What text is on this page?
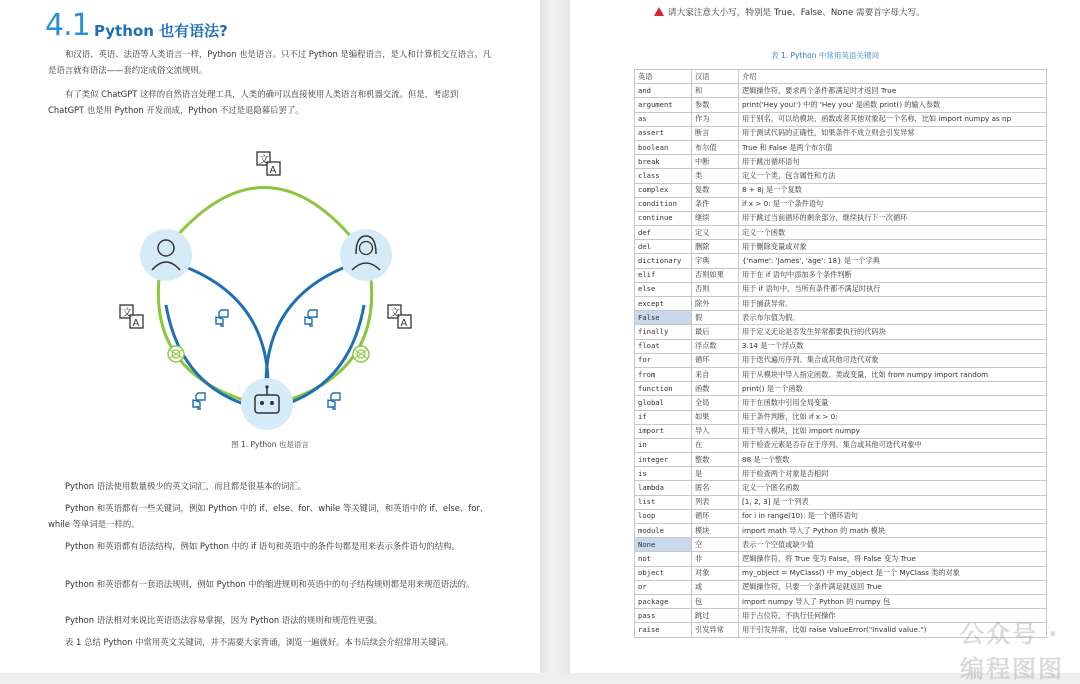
4.1 Python 也有语法?
和汉语、英语、法语等人类语言一样，Python 也是语言。只不过 Python 是编程语言，是人和计算机交互语言。凡是语言就有语法——套约定成俗交流规则。
有了类似 ChatGPT 这样的自然语言处理工具，人类的确可以直接使用人类语言和机器交流。但是，考虑到 ChatGPT 也是用 Python 开发而成，Python 不过是退隐幕后罢了。
文
A
文
A
文
A
图 1. Python 也是语言
Python 语法使用数量极少的英文词汇，而且都是很基本的词汇。
Python 和英语都有一些关键词，例如 Python 中的 if、else、for、while 等关键词，和英语中的 if、else、for、while 等单词是一样的。
Python 和英语都有语法结构，例如 Python 中的 if 语句和英语中的条件句都是用来表示条件语句的结构。
Python 和英语都有一套语法规则，例如 Python 中的缩进规则和英语中的句子结构规则都是用来规范语法的。
Python 语法相对来说比英语语法容易掌握，因为 Python 语法的规则和规范性更强。
表 1 总结 Python 中常用英文关键词，并不需要大家背诵，浏览一遍就好。本书后续会介绍常用关键词。
请大家注意大小写，特别是 True、False、None 需要首字母大写。
表 1. Python 中常用英语关键词
英语	汉语	介绍
and	和	逻辑操作符，要求两个条件都满足时才返回 True
argument	参数	print('Hey you!') 中的 'Hey you' 是函数 print() 的输入参数
as	作为	用于别名，可以给模块、函数或者其他对象起一个名称，比如 import numpy as np
assert	断言	用于测试代码的正确性，如果条件不成立则会引发异常
boolean	布尔值	True 和 False 是两个布尔值
break	中断	用于跳出循环语句
class	类	定义一个类，包含属性和方法
complex	复数	8 + 8j 是一个复数
condition	条件	if x > 0: 是一个条件语句
continue	继续	用于跳过当前循环的剩余部分，继续执行下一次循环
def	定义	定义一个函数
del	删除	用于删除变量或对象
dictionary	字典	{'name': 'James', 'age': 18} 是一个字典
elif	否则如果	用于在 if 语句中添加多个条件判断
else	否则	用于 if 语句中，当所有条件都不满足时执行
except	除外	用于捕获异常。
False	假	表示布尔值为假。
finally	最后	用于定义无论是否发生异常都要执行的代码块
float	浮点数	3.14 是一个浮点数
for	循环	用于迭代遍历序列、集合或其他可迭代对象
from	来自	用于从模块中导入指定函数、类或变量，比如 from numpy import random
function	函数	print() 是一个函数
global	全局	用于在函数中引用全局变量
if	如果	用于条件判断，比如 if x > 0:
import	导入	用于导入模块，比如 import numpy
in	在	用于检查元素是否存在于序列、集合或其他可迭代对象中
integer	整数	88 是一个整数
is	是	用于检查两个对象是否相同
lambda	匿名	定义一个匿名函数
list	列表	[1, 2, 3] 是一个列表
loop	循环	for i in range(10): 是一个循环语句
module	模块	import math 导入了 Python 的 math 模块
None	空	表示一个空值或缺少值
not	非	逻辑操作符，将 True 变为 False，将 False 变为 True
object	对象	my_object = MyClass() 中 my_object 是一个 MyClass 类的对象
or	或	逻辑操作符，只要一个条件满足就返回 True
package	包	import numpy 导入了 Python 的 numpy 包
pass	跳过	用于占位符，不执行任何操作
raise	引发异常	用于引发异常，比如 raise ValueError("Invalid value.") 公众号 · 编程图图
